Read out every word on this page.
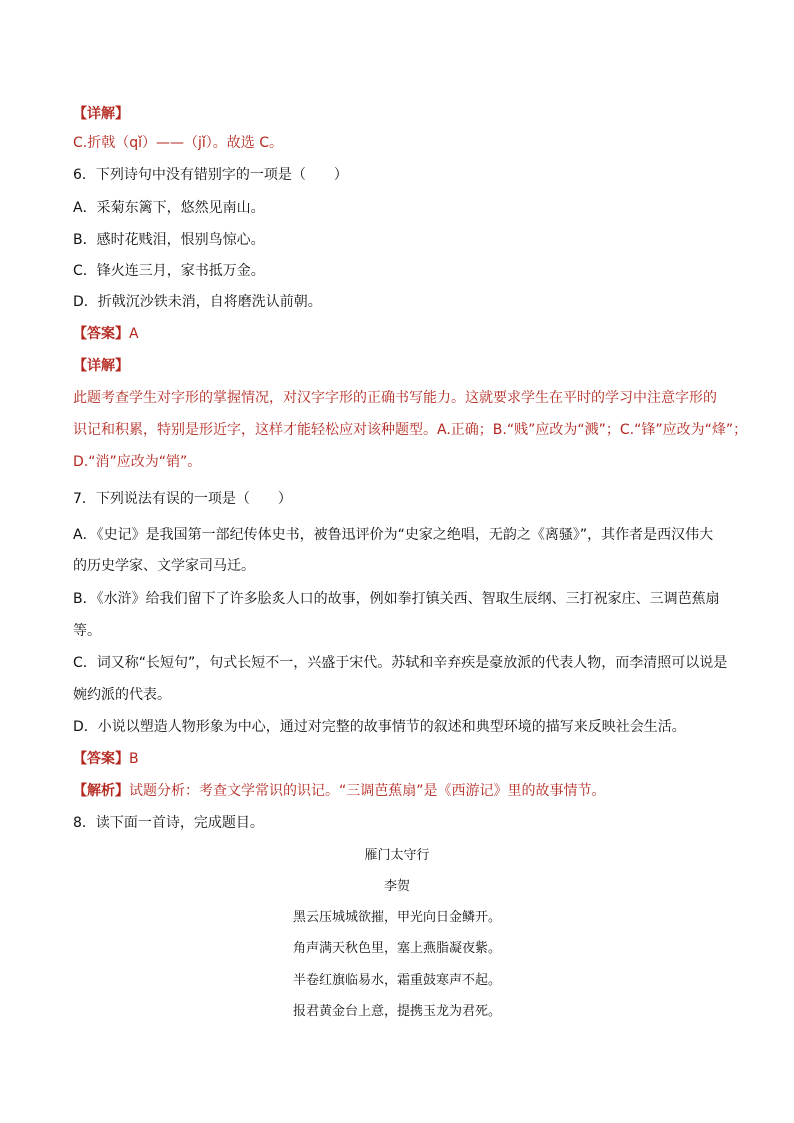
【详解】
C.折戟（qǐ）——（jǐ）。故选 C。
6．下列诗句中没有错别字的一项是（　　）
A．采菊东篱下，悠然见南山。
B．感时花贱泪，恨别鸟惊心。
C．锋火连三月，家书抵万金。
D．折戟沉沙铁未消，自将磨洗认前朝。
【答案】A
【详解】
此题考查学生对字形的掌握情况，对汉字字形的正确书写能力。这就要求学生在平时的学习中注意字形的
识记和积累，特别是形近字，这样才能轻松应对该种题型。A.正确；B.“贱”应改为“溅”；C.“锋”应改为“烽”；
D.“消”应改为“销”。
7．下列说法有误的一项是（　　）
A．《史记》是我国第一部纪传体史书，被鲁迅评价为“史家之绝唱，无韵之《离骚》”，其作者是西汉伟大
的历史学家、文学家司马迁。
B．《水浒》给我们留下了许多脍炙人口的故事，例如拳打镇关西、智取生辰纲、三打祝家庄、三调芭蕉扇
等。
C．词又称“长短句”，句式长短不一，兴盛于宋代。苏轼和辛弃疾是豪放派的代表人物，而李清照可以说是
婉约派的代表。
D．小说以塑造人物形象为中心，通过对完整的故事情节的叙述和典型环境的描写来反映社会生活。
【答案】B
【解析】试题分析：考查文学常识的识记。“三调芭蕉扇”是《西游记》里的故事情节。
8．读下面一首诗，完成题目。
雁门太守行
李贺
黑云压城城欲摧，甲光向日金鳞开。
角声满天秋色里，塞上燕脂凝夜紫。
半卷红旗临易水，霜重鼓寒声不起。
报君黄金台上意，提携玉龙为君死。
